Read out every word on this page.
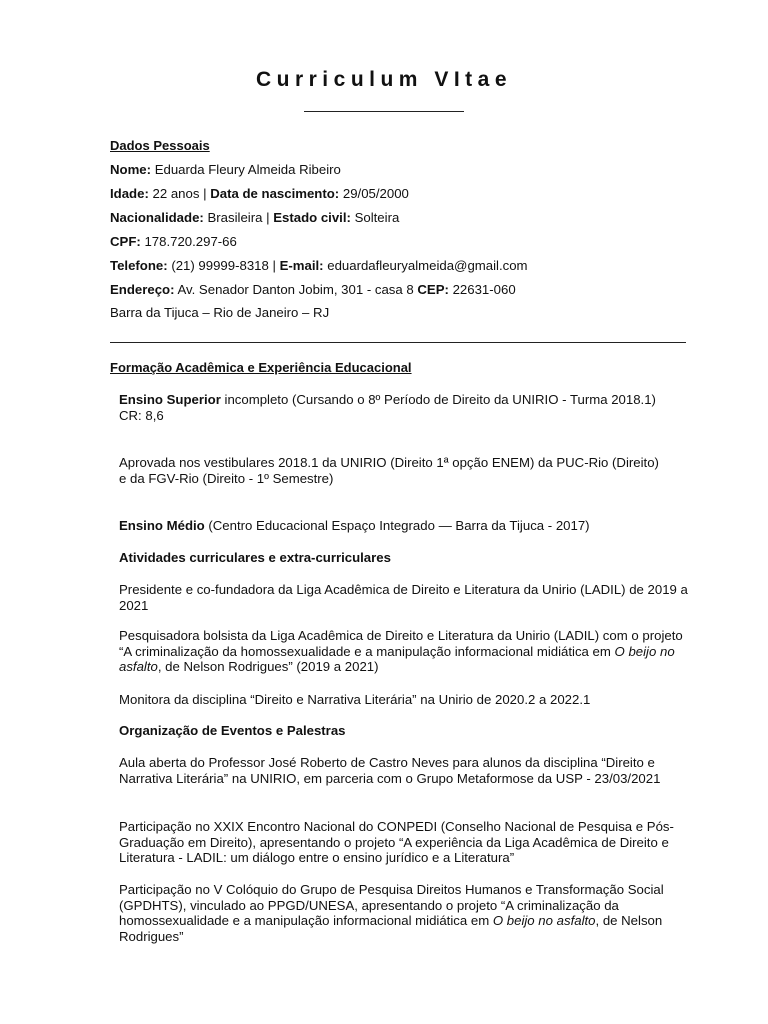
Curriculum VItae
Dados Pessoais
Nome: Eduarda Fleury Almeida Ribeiro
Idade: 22 anos | Data de nascimento: 29/05/2000
Nacionalidade: Brasileira | Estado civil: Solteira
CPF: 178.720.297-66
Telefone: (21) 99999-8318 | E-mail: eduardafleuryalmeida@gmail.com
Endereço: Av. Senador Danton Jobim, 301 - casa 8 CEP: 22631-060
Barra da Tijuca – Rio de Janeiro – RJ
Formação Acadêmica e Experiência Educacional
Ensino Superior incompleto (Cursando o 8º Período de Direito da UNIRIO - Turma 2018.1)
CR: 8,6
Aprovada nos vestibulares 2018.1 da UNIRIO (Direito 1ª opção ENEM) da PUC-Rio (Direito)
e da FGV-Rio (Direito - 1º Semestre)
Ensino Médio (Centro Educacional Espaço Integrado — Barra da Tijuca - 2017)
Atividades curriculares e extra-curriculares
Presidente e co-fundadora da Liga Acadêmica de Direito e Literatura da Unirio (LADIL) de 2019 a 2021
Pesquisadora bolsista da Liga Acadêmica de Direito e Literatura da Unirio (LADIL) com o projeto “A criminalização da homossexualidade e a manipulação informacional midiática em O beijo no asfalto, de Nelson Rodrigues” (2019 a 2021)
Monitora da disciplina “Direito e Narrativa Literária” na Unirio de 2020.2 a 2022.1
Organização de Eventos e Palestras
Aula aberta do Professor José Roberto de Castro Neves para alunos da disciplina “Direito e Narrativa Literária” na UNIRIO, em parceria com o Grupo Metaformose da USP - 23/03/2021
Participação no XXIX Encontro Nacional do CONPEDI (Conselho Nacional de Pesquisa e Pós-Graduação em Direito), apresentando o projeto “A experiência da Liga Acadêmica de Direito e Literatura - LADIL: um diálogo entre o ensino jurídico e a Literatura”
Participação no V Colóquio do Grupo de Pesquisa Direitos Humanos e Transformação Social (GPDHTS), vinculado ao PPGD/UNESA, apresentando o projeto “A criminalização da homossexualidade e a manipulação informacional midiática em O beijo no asfalto, de Nelson Rodrigues”
